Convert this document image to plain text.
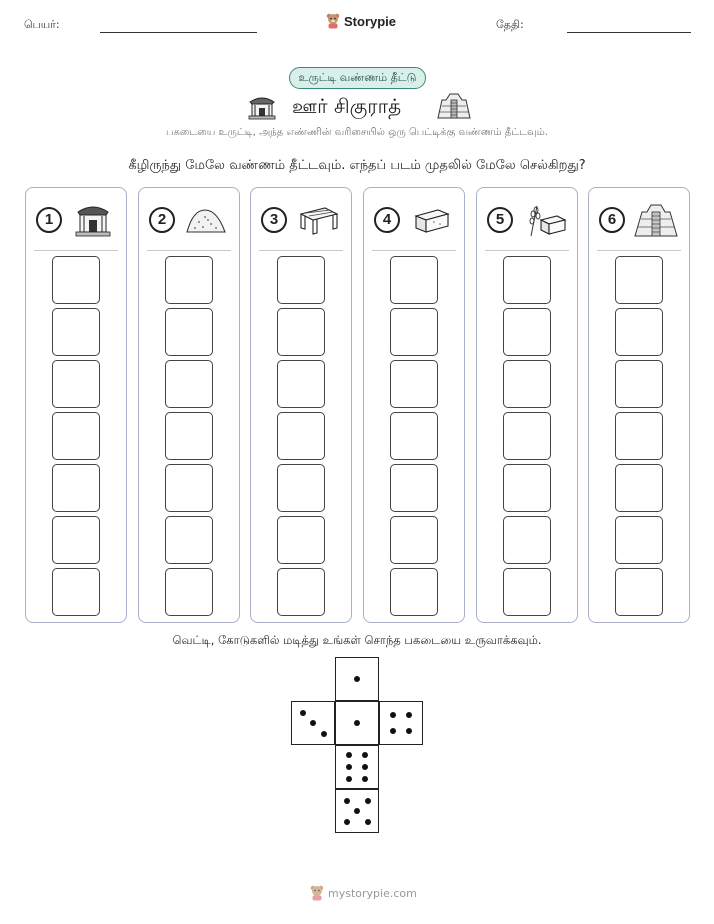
பெயர்:	Storypie	தேதி:
உருட்டி வண்ணம் தீட்டு
ஊர் சிகுராத்
பகடையை உருட்டி, அந்த எண்ணின் வரிசையில் ஒரு பெட்டிக்கு வண்ணம் தீட்டவும்.
கீழிருந்து மேலே வண்ணம் தீட்டவும். எந்தப் படம் முதலில் மேலே செல்கிறது?
1	2	3	4	5	6
வெட்டி, கோடுகளில் மடித்து உங்கள் சொந்த பகடையை உருவாக்கவும்.
mystorypie.com
